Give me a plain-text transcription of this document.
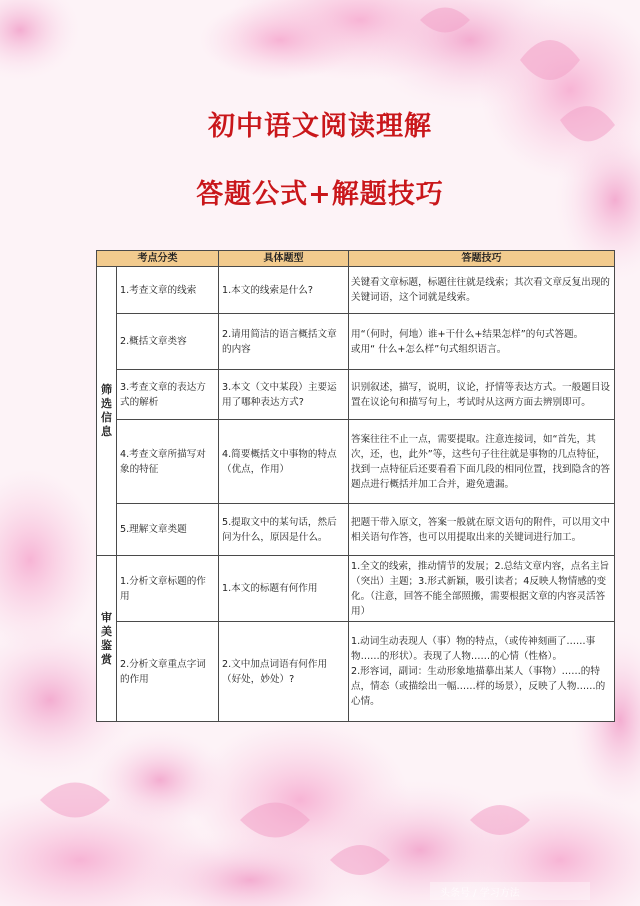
初中语文阅读理解
答题公式+解题技巧
考点分类		具体题型	答题技巧

筛选信息	1.考查文章的线索	1.本文的线索是什么?	关键看文章标题，标题往往就是线索；其次看文章反复出现的关键词语，这个词就是线索。

	2.概括文章类容	2.请用简洁的语言概括文章的内容	用“（何时，何地）谁+干什么+结果怎样”的句式答题。
或用“ 什么+怎么样”句式组织语言。

	3.考查文章的表达方式的解析	3.本文（文中某段）主要运用了哪种表达方式?	识别叙述，描写，说明，议论，抒情等表达方式。一般题目设置在议论句和描写句上，考试时从这两方面去辨别即可。

	4.考查文章所描写对象的特征	4.简要概括文中事物的特点（优点，作用）	答案往往不止一点，需要提取。注意连接词，如“首先，其次，还，也，此外”等，这些句子往往就是事物的几点特征，找到一点特征后还要看看下面几段的相同位置，找到隐含的答题点进行概括并加工合并，避免遗漏。

	5.理解文章类题	5.提取文中的某句话，然后问为什么，原因是什么。	把题干带入原文，答案一般就在原文语句的附件，可以用文中相关语句作答，也可以用提取出来的关键词进行加工。

审美鉴赏	1.分析文章标题的作用	1.本文的标题有何作用	1.全文的线索，推动情节的发展；2.总结文章内容，点名主旨（突出）主题；3.形式新颖，吸引读者；4反映人物情感的变化。（注意，回答不能全部照搬，需要根据文章的内容灵活答用）

	2.分析文章重点字词的作用	2.文中加点词语有何作用（好处，妙处）?	1.动词生动表现人（事）物的特点，（或传神刻画了……事物……的形状）。表现了人物……的心情（性格）。
2.形容词，副词：生动形象地描摹出某人（事物）……的特点，情态（或描绘出一幅……样的场景），反映了人物……的心情。
头条号 / 学习方法
